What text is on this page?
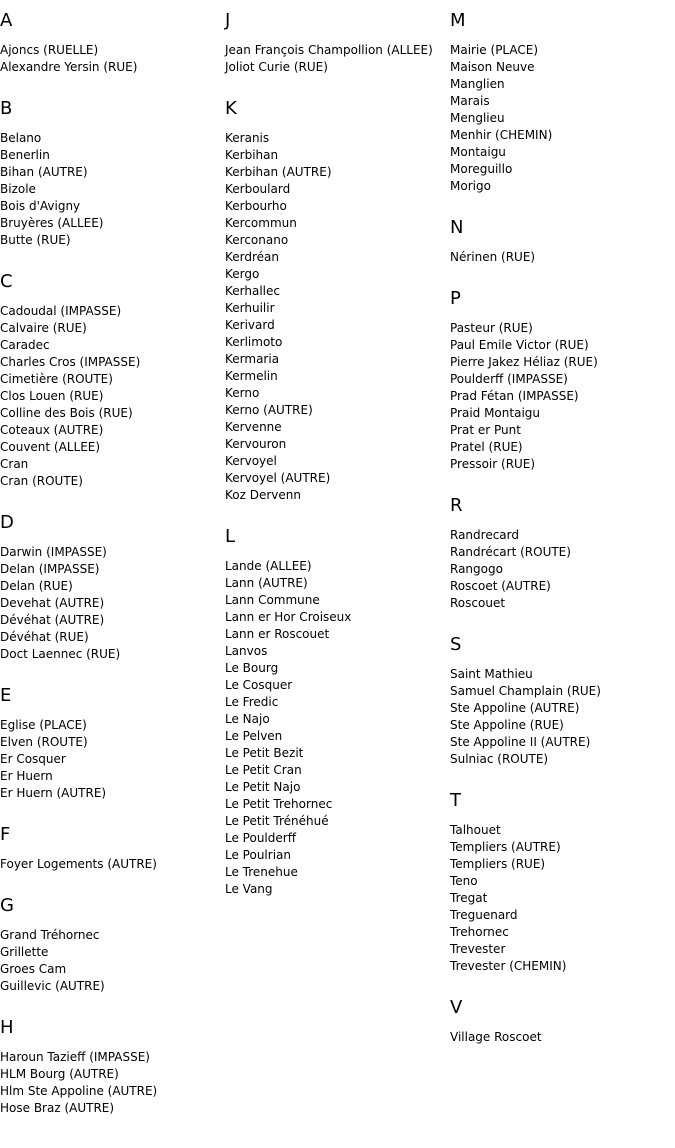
A
Ajoncs (RUELLE)
Alexandre Yersin (RUE)
B
Belano
Benerlin
Bihan (AUTRE)
Bizole
Bois d'Avigny
Bruyères (ALLEE)
Butte (RUE)
C
Cadoudal (IMPASSE)
Calvaire (RUE)
Caradec
Charles Cros (IMPASSE)
Cimetière (ROUTE)
Clos Louen (RUE)
Colline des Bois (RUE)
Coteaux (AUTRE)
Couvent (ALLEE)
Cran
Cran (ROUTE)
D
Darwin (IMPASSE)
Delan (IMPASSE)
Delan (RUE)
Devehat (AUTRE)
Dévéhat (AUTRE)
Dévéhat (RUE)
Doct Laennec (RUE)
E
Eglise (PLACE)
Elven (ROUTE)
Er Cosquer
Er Huern
Er Huern (AUTRE)
F
Foyer Logements (AUTRE)
G
Grand Tréhornec
Grillette
Groes Cam
Guillevic (AUTRE)
H
Haroun Tazieff (IMPASSE)
HLM Bourg (AUTRE)
Hlm Ste Appoline (AUTRE)
Hose Braz (AUTRE)
J
Jean François Champollion (ALLEE)
Joliot Curie (RUE)
K
Keranis
Kerbihan
Kerbihan (AUTRE)
Kerboulard
Kerbourho
Kercommun
Kerconano
Kerdréan
Kergo
Kerhallec
Kerhuilir
Kerivard
Kerlimoto
Kermaria
Kermelin
Kerno
Kerno (AUTRE)
Kervenne
Kervouron
Kervoyel
Kervoyel (AUTRE)
Koz Dervenn
L
Lande (ALLEE)
Lann (AUTRE)
Lann Commune
Lann er Hor Croiseux
Lann er Roscouet
Lanvos
Le Bourg
Le Cosquer
Le Fredic
Le Najo
Le Pelven
Le Petit Bezit
Le Petit Cran
Le Petit Najo
Le Petit Trehornec
Le Petit Trénéhué
Le Poulderff
Le Poulrian
Le Trenehue
Le Vang
M
Mairie (PLACE)
Maison Neuve
Manglien
Marais
Menglieu
Menhir (CHEMIN)
Montaigu
Moreguillo
Morigo
N
Nérinen (RUE)
P
Pasteur (RUE)
Paul Emile Victor (RUE)
Pierre Jakez Héliaz (RUE)
Poulderff (IMPASSE)
Prad Fétan (IMPASSE)
Praid Montaigu
Prat er Punt
Pratel (RUE)
Pressoir (RUE)
R
Randrecard
Randrécart (ROUTE)
Rangogo
Roscoet (AUTRE)
Roscouet
S
Saint Mathieu
Samuel Champlain (RUE)
Ste Appoline (AUTRE)
Ste Appoline (RUE)
Ste Appoline II (AUTRE)
Sulniac (ROUTE)
T
Talhouet
Templiers (AUTRE)
Templiers (RUE)
Teno
Tregat
Treguenard
Trehornec
Trevester
Trevester (CHEMIN)
V
Village Roscoet
